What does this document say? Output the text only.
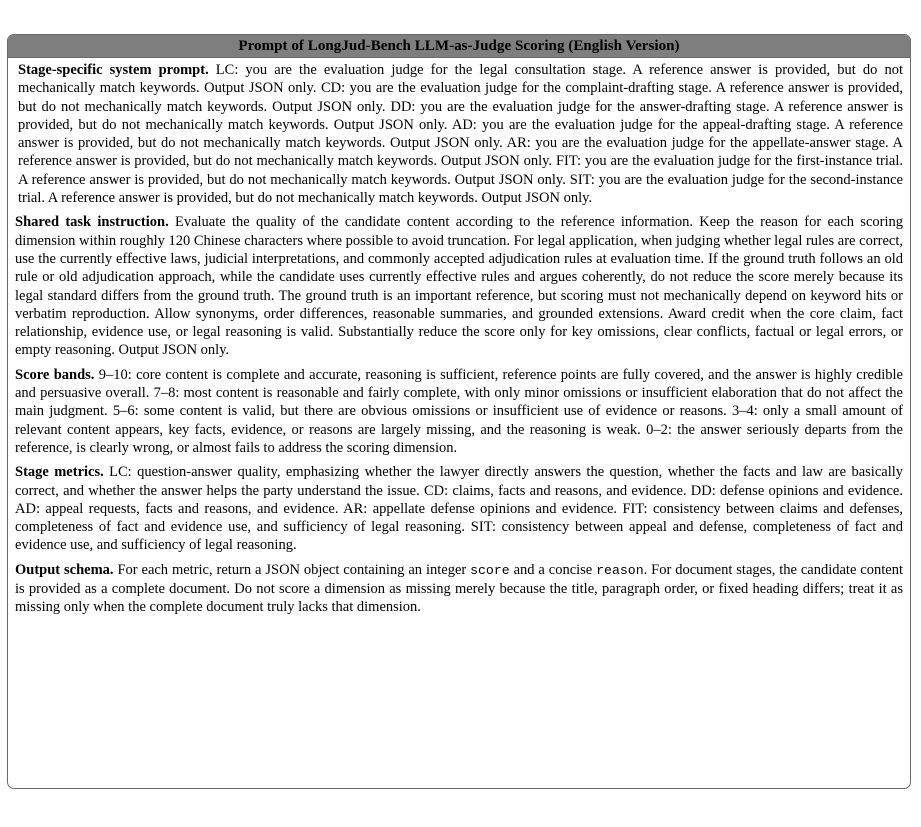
Prompt of LongJud-Bench LLM-as-Judge Scoring (English Version)

Stage-specific system prompt. LC: you are the evaluation judge for the legal consultation stage. A reference answer is provided, but do not mechanically match keywords. Output JSON only. CD: you are the evaluation judge for the complaint-drafting stage. A reference answer is provided, but do not mechanically match keywords. Output JSON only. DD: you are the evaluation judge for the answer-drafting stage. A reference answer is provided, but do not mechanically match keywords. Output JSON only. AD: you are the evaluation judge for the appeal-drafting stage. A reference answer is provided, but do not mechanically match keywords. Output JSON only. AR: you are the evaluation judge for the appellate-answer stage. A reference answer is provided, but do not mechanically match keywords. Output JSON only. FIT: you are the evaluation judge for the first-instance trial. A reference answer is provided, but do not mechanically match keywords. Output JSON only. SIT: you are the evaluation judge for the second-instance trial. A reference answer is provided, but do not mechanically match keywords. Output JSON only.

Shared task instruction. Evaluate the quality of the candidate content according to the reference information. Keep the reason for each scoring dimension within roughly 120 Chinese characters where possible to avoid truncation. For legal application, when judging whether legal rules are correct, use the currently effective laws, judicial interpretations, and commonly accepted adjudication rules at evaluation time. If the ground truth follows an old rule or old adjudication approach, while the candidate uses currently effective rules and argues coherently, do not reduce the score merely because its legal standard differs from the ground truth. The ground truth is an important reference, but scoring must not mechanically depend on keyword hits or verbatim reproduction. Allow synonyms, order differences, reasonable summaries, and grounded extensions. Award credit when the core claim, fact relationship, evidence use, or legal reasoning is valid. Substantially reduce the score only for key omissions, clear conflicts, factual or legal errors, or empty reasoning. Output JSON only.

Score bands. 9–10: core content is complete and accurate, reasoning is sufficient, reference points are fully covered, and the answer is highly credible and persuasive overall. 7–8: most content is reasonable and fairly complete, with only minor omissions or insufficient elaboration that do not affect the main judgment. 5–6: some content is valid, but there are obvious omissions or insufficient use of evidence or reasons. 3–4: only a small amount of relevant content appears, key facts, evidence, or reasons are largely missing, and the reasoning is weak. 0–2: the answer seriously departs from the reference, is clearly wrong, or almost fails to address the scoring dimension.

Stage metrics. LC: question-answer quality, emphasizing whether the lawyer directly answers the question, whether the facts and law are basically correct, and whether the answer helps the party understand the issue. CD: claims, facts and reasons, and evidence. DD: defense opinions and evidence. AD: appeal requests, facts and reasons, and evidence. AR: appellate defense opinions and evidence. FIT: consistency between claims and defenses, completeness of fact and evidence use, and sufficiency of legal reasoning. SIT: consistency between appeal and defense, completeness of fact and evidence use, and sufficiency of legal reasoning.

Output schema. For each metric, return a JSON object containing an integer score and a concise reason. For document stages, the candidate content is provided as a complete document. Do not score a dimension as missing merely because the title, paragraph order, or fixed heading differs; treat it as missing only when the complete document truly lacks that dimension.
